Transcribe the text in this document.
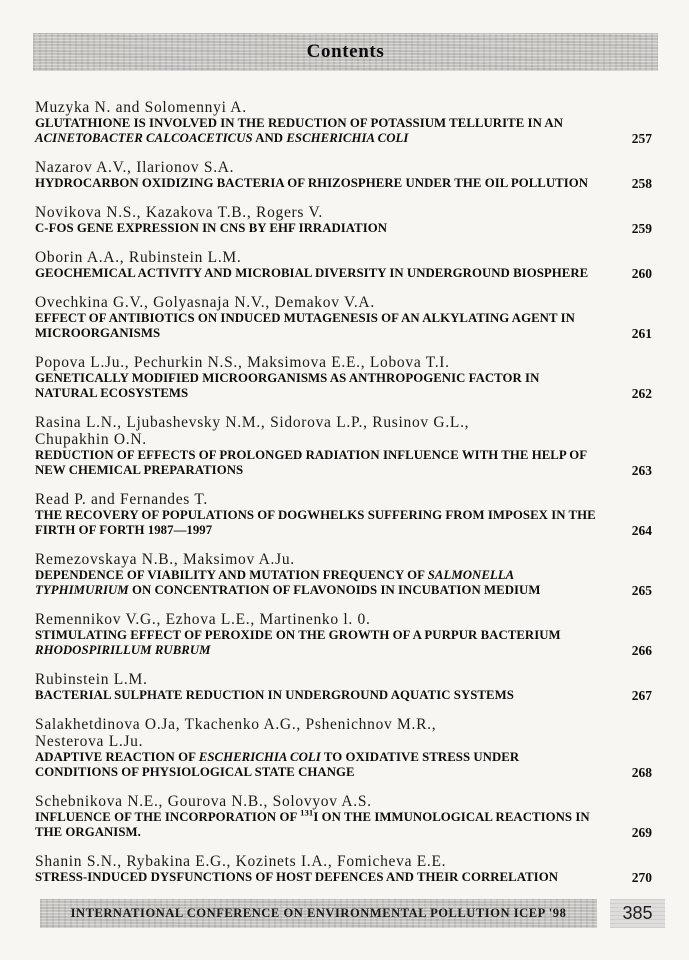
Contents
Muzyka N. and Solomennyi A.
GLUTATHIONE IS INVOLVED IN THE REDUCTION OF POTASSIUM TELLURITE IN AN
ACINETOBACTER CALCOACETICUS AND ESCHERICHIA COLI	257
Nazarov A.V., Ilarionov S.A.
HYDROCARBON OXIDIZING BACTERIA OF RHIZOSPHERE UNDER THE OIL POLLUTION	258
Novikova N.S., Kazakova T.B., Rogers V.
C-FOS GENE EXPRESSION IN CNS BY EHF IRRADIATION	259
Oborin A.A., Rubinstein L.M.
GEOCHEMICAL ACTIVITY AND MICROBIAL DIVERSITY IN UNDERGROUND BIOSPHERE	260
Ovechkina G.V., Golyasnaja N.V., Demakov V.A.
EFFECT OF ANTIBIOTICS ON INDUCED MUTAGENESIS OF AN ALKYLATING AGENT IN
MICROORGANISMS	261
Popova L.Ju., Pechurkin N.S., Maksimova E.E., Lobova T.I.
GENETICALLY MODIFIED MICROORGANISMS AS ANTHROPOGENIC FACTOR IN
NATURAL ECOSYSTEMS	262
Rasina L.N., Ljubashevsky N.M., Sidorova L.P., Rusinov G.L.,
Chupakhin O.N.
REDUCTION OF EFFECTS OF PROLONGED RADIATION INFLUENCE WITH THE HELP OF
NEW CHEMICAL PREPARATIONS	263
Read P. and Fernandes T.
THE RECOVERY OF POPULATIONS OF DOGWHELKS SUFFERING FROM IMPOSEX IN THE
FIRTH OF FORTH 1987—1997	264
Remezovskaya N.B., Maksimov A.Ju.
DEPENDENCE OF VIABILITY AND MUTATION FREQUENCY OF SALMONELLA
TYPHIMURIUM ON CONCENTRATION OF FLAVONOIDS IN INCUBATION MEDIUM	265
Remennikov V.G., Ezhova L.E., Martinenko l. 0.
STIMULATING EFFECT OF PEROXIDE ON THE GROWTH OF A PURPUR BACTERIUM
RHODOSPIRILLUM RUBRUM	266
Rubinstein L.M.
BACTERIAL SULPHATE REDUCTION IN UNDERGROUND AQUATIC SYSTEMS	267
Salakhetdinova O.Ja, Tkachenko A.G., Pshenichnov M.R.,
Nesterova L.Ju.
ADAPTIVE REACTION OF ESCHERICHIA COLI TO OXIDATIVE STRESS UNDER
CONDITIONS OF PHYSIOLOGICAL STATE CHANGE	268
Schebnikova N.E., Gourova N.B., Solovyov A.S.
INFLUENCE OF THE INCORPORATION OF $^{131}$I ON THE IMMUNOLOGICAL REACTIONS IN
THE ORGANISM.	269
Shanin S.N., Rybakina E.G., Kozinets I.A., Fomicheva E.E.
STRESS-INDUCED DYSFUNCTIONS OF HOST DEFENCES AND THEIR CORRELATION	270
INTERNATIONAL CONFERENCE ON ENVIRONMENTAL POLLUTION ICEP '98	385
